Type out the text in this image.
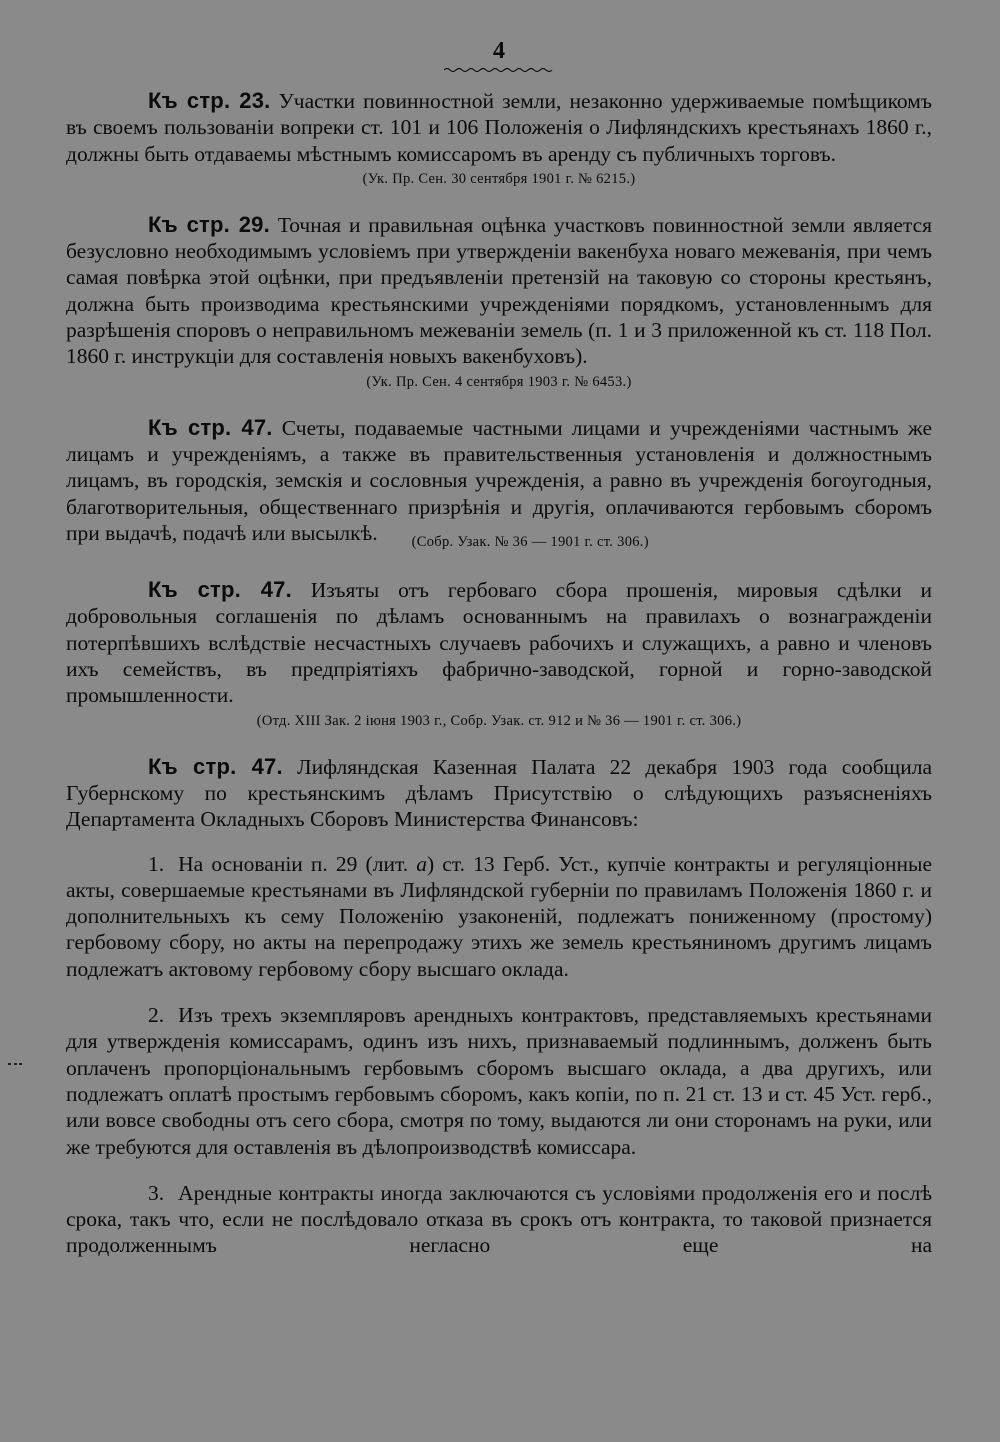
4

Къ стр. 23. Участки повинностной земли, незаконно удерживаемые помѣщикомъ въ своемъ пользованіи вопреки ст. 101 и 106 Положенія о Лифляндскихъ крестьянахъ 1860 г., должны быть отдаваемы мѣстнымъ комиссаромъ въ аренду съ публичныхъ торговъ.

(Ук. Пр. Сен. 30 сентября 1901 г. № 6215.)

Къ стр. 29. Точная и правильная оцѣнка участковъ повинностной земли является безусловно необходимымъ условіемъ при утвержденіи вакенбуха новаго межеванія, при чемъ самая повѣрка этой оцѣнки, при предъявленіи претензій на таковую со стороны крестьянъ, должна быть производима крестьянскими учрежденіями порядкомъ, установленнымъ для разрѣшенія споровъ о неправильномъ межеваніи земель (п. 1 и 3 приложенной къ ст. 118 Пол. 1860 г. инструкціи для составленія новыхъ вакенбуховъ).

(Ук. Пр. Сен. 4 сентября 1903 г. № 6453.)

Къ стр. 47. Счеты, подаваемые частными лицами и учрежденіями частнымъ же лицамъ и учрежденіямъ, а также въ правительственныя установленія и должностнымъ лицамъ, въ городскія, земскія и сословныя учрежденія, а равно въ учрежденія богоугодныя, благотворительныя, общественнаго призрѣнія и другія, оплачиваются гербовымъ сборомъ при выдачѣ, подачѣ или высылкѣ. $_{(Собр. Узак. № 36 — 1901 г. ст. 306.)}$

Къ стр. 47. Изъяты отъ гербоваго сбора прошенія, мировыя сдѣлки и добровольныя соглашенія по дѣламъ основаннымъ на правилахъ о вознагражденіи потерпѣвшихъ вслѣдствіе несчастныхъ случаевъ рабочихъ и служащихъ, а равно и членовъ ихъ семействъ, въ предпріятіяхъ фабрично-заводской, горной и горно-заводской промышленности.

(Отд. XIII Зак. 2 іюня 1903 г., Собр. Узак. ст. 912 и № 36 — 1901 г. ст. 306.)

Къ стр. 47. Лифляндская Казенная Палата 22 декабря 1903 года сообщила Губернскому по крестьянскимъ дѣламъ Присутствію о слѣдующихъ разъясненіяхъ Департамента Окладныхъ Сборовъ Министерства Финансовъ:

1. На основаніи п. 29 (лит. а) ст. 13 Герб. Уст., купчіе контракты и регуляціонные акты, совершаемые крестьянами въ Лифляндской губерніи по правиламъ Положенія 1860 г. и дополнительныхъ къ сему Положенію узаконеній, подлежатъ пониженному (простому) гербовому сбору, но акты на перепродажу этихъ же земель крестьяниномъ другимъ лицамъ подлежатъ актовому гербовому сбору высшаго оклада.

2. Изъ трехъ экземпляровъ арендныхъ контрактовъ, представляемыхъ крестьянами для утвержденія комиссарамъ, одинъ изъ нихъ, признаваемый подлиннымъ, долженъ быть оплаченъ пропорціональнымъ гербовымъ сборомъ высшаго оклада, а два другихъ, или подлежатъ оплатѣ простымъ гербовымъ сборомъ, какъ копіи, по п. 21 ст. 13 и ст. 45 Уст. герб., или вовсе свободны отъ сего сбора, смотря по тому, выдаются ли они сторонамъ на руки, или же требуются для оставленія въ дѣлопроизводствѣ комиссара.

3. Арендные контракты иногда заключаются съ условіями продолженія его и послѣ срока, такъ что, если не послѣдовало отказа въ срокъ отъ контракта, то таковой признается продолженнымъ негласно еще на
